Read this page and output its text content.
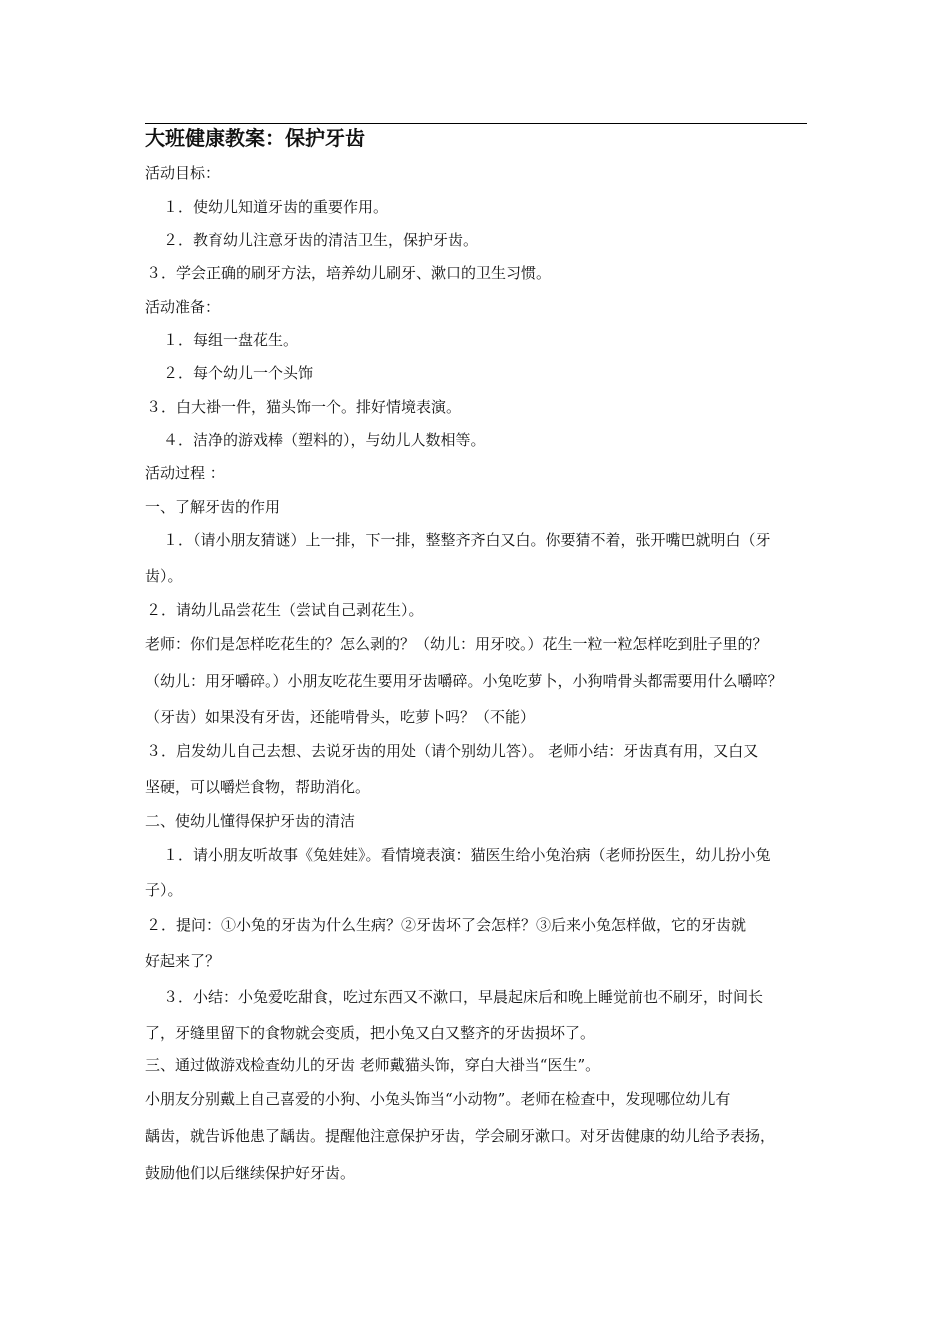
大班健康教案：保护牙齿
活动目标：
１．使幼儿知道牙齿的重要作用。
２．教育幼儿注意牙齿的清洁卫生，保护牙齿。
３．学会正确的刷牙方法，培养幼儿刷牙、漱口的卫生习惯。
活动准备：
１．每组一盘花生。
２．每个幼儿一个头饰
３．白大褂一件，猫头饰一个。排好情境表演。
４．洁净的游戏棒（塑料的），与幼儿人数相等。
活动过程 ：
一、了解牙齿的作用
１．（请小朋友猜谜）上一排，下一排，整整齐齐白又白。你要猜不着，张开嘴巴就明白（牙
齿）。
２．请幼儿品尝花生（尝试自己剥花生）。
老师：你们是怎样吃花生的？怎么剥的？（幼儿：用牙咬。）花生一粒一粒怎样吃到肚子里的？
（幼儿：用牙嚼碎。）小朋友吃花生要用牙齿嚼碎。小兔吃萝卜，小狗啃骨头都需要用什么嚼啐？
（牙齿）如果没有牙齿，还能啃骨头，吃萝卜吗？（不能）
３．启发幼儿自己去想、去说牙齿的用处（请个别幼儿答）。 老师小结：牙齿真有用，又白又
坚硬，可以嚼烂食物，帮助消化。
二、使幼儿懂得保护牙齿的清洁
１．请小朋友听故事《兔娃娃》。看情境表演：猫医生给小兔治病（老师扮医生，幼儿扮小兔
子）。
２．提问：①小兔的牙齿为什么生病？②牙齿坏了会怎样？③后来小兔怎样做，它的牙齿就
好起来了？
３．小结：小兔爱吃甜食，吃过东西又不漱口，早晨起床后和晚上睡觉前也不刷牙，时间长
了，牙缝里留下的食物就会变质，把小兔又白又整齐的牙齿损坏了。
三、通过做游戏检查幼儿的牙齿 老师戴猫头饰，穿白大褂当“医生”。
小朋友分别戴上自己喜爱的小狗、小兔头饰当“小动物”。老师在检查中，发现哪位幼儿有
龋齿，就告诉他患了龋齿。提醒他注意保护牙齿，学会刷牙漱口。对牙齿健康的幼儿给予表扬，
鼓励他们以后继续保护好牙齿。
